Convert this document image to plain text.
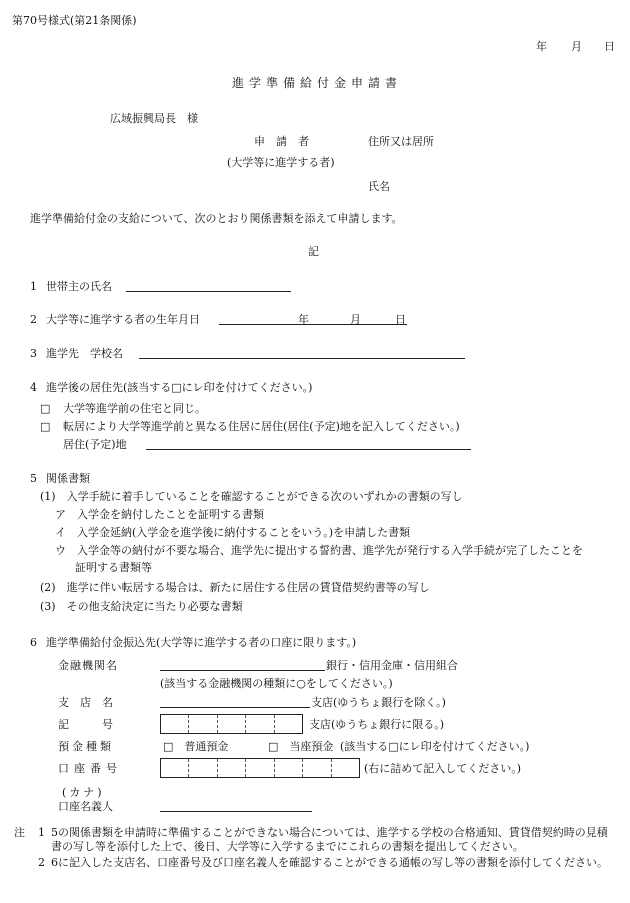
第70号様式(第21条関係)
年 月 日
進学準備給付金申請書
広域振興局長　様
申　請　者	住所又は居所
(大学等に進学する者)
氏名
進学準備給付金の支給について、次のとおり関係書類を添えて申請します。
記
1 世帯主の氏名
2 大学等に進学する者の生年月日	年	月	日
3 進学先　学校名
4 進学後の居住先(該当する□にレ印を付けてください。)
□ 大学等進学前の住宅と同じ。
□ 転居により大学等進学前と異なる住居に居住(居住(予定)地を記入してください。)
居住(予定)地
5 関係書類
(1)　入学手続に着手していることを確認することができる次のいずれかの書類の写し
ア　入学金を納付したことを証明する書類
イ　入学金延納(入学金を進学後に納付することをいう。)を申請した書類
ウ　入学金等の納付が不要な場合、進学先に提出する誓約書、進学先が発行する入学手続が完了したことを
証明する書類等
(2)　進学に伴い転居する場合は、新たに居住する住居の賃貸借契約書等の写し
(3)　その他支給決定に当たり必要な書類
6 進学準備給付金振込先(大学等に進学する者の口座に限ります。)
金融機関名	銀行・信用金庫・信用組合
(該当する金融機関の種類に○をしてください。)
支　店　名	支店(ゆうちょ銀行を除く。)
記　　　号	支店(ゆうちょ銀行に限る。)
預金種類	□　普通預金	□　当座預金 (該当する□にレ印を付けてください。)
口座番号	(右に詰めて記入してください。)
(カナ)
口座名義人
注 1 5の関係書類を申請時に準備することができない場合については、進学する学校の合格通知、賃貸借契約時の見積書の写し等を添付した上で、後日、大学等に入学するまでにこれらの書類を提出してください。
2 6に記入した支店名、口座番号及び口座名義人を確認することができる通帳の写し等の書類を添付してください。
